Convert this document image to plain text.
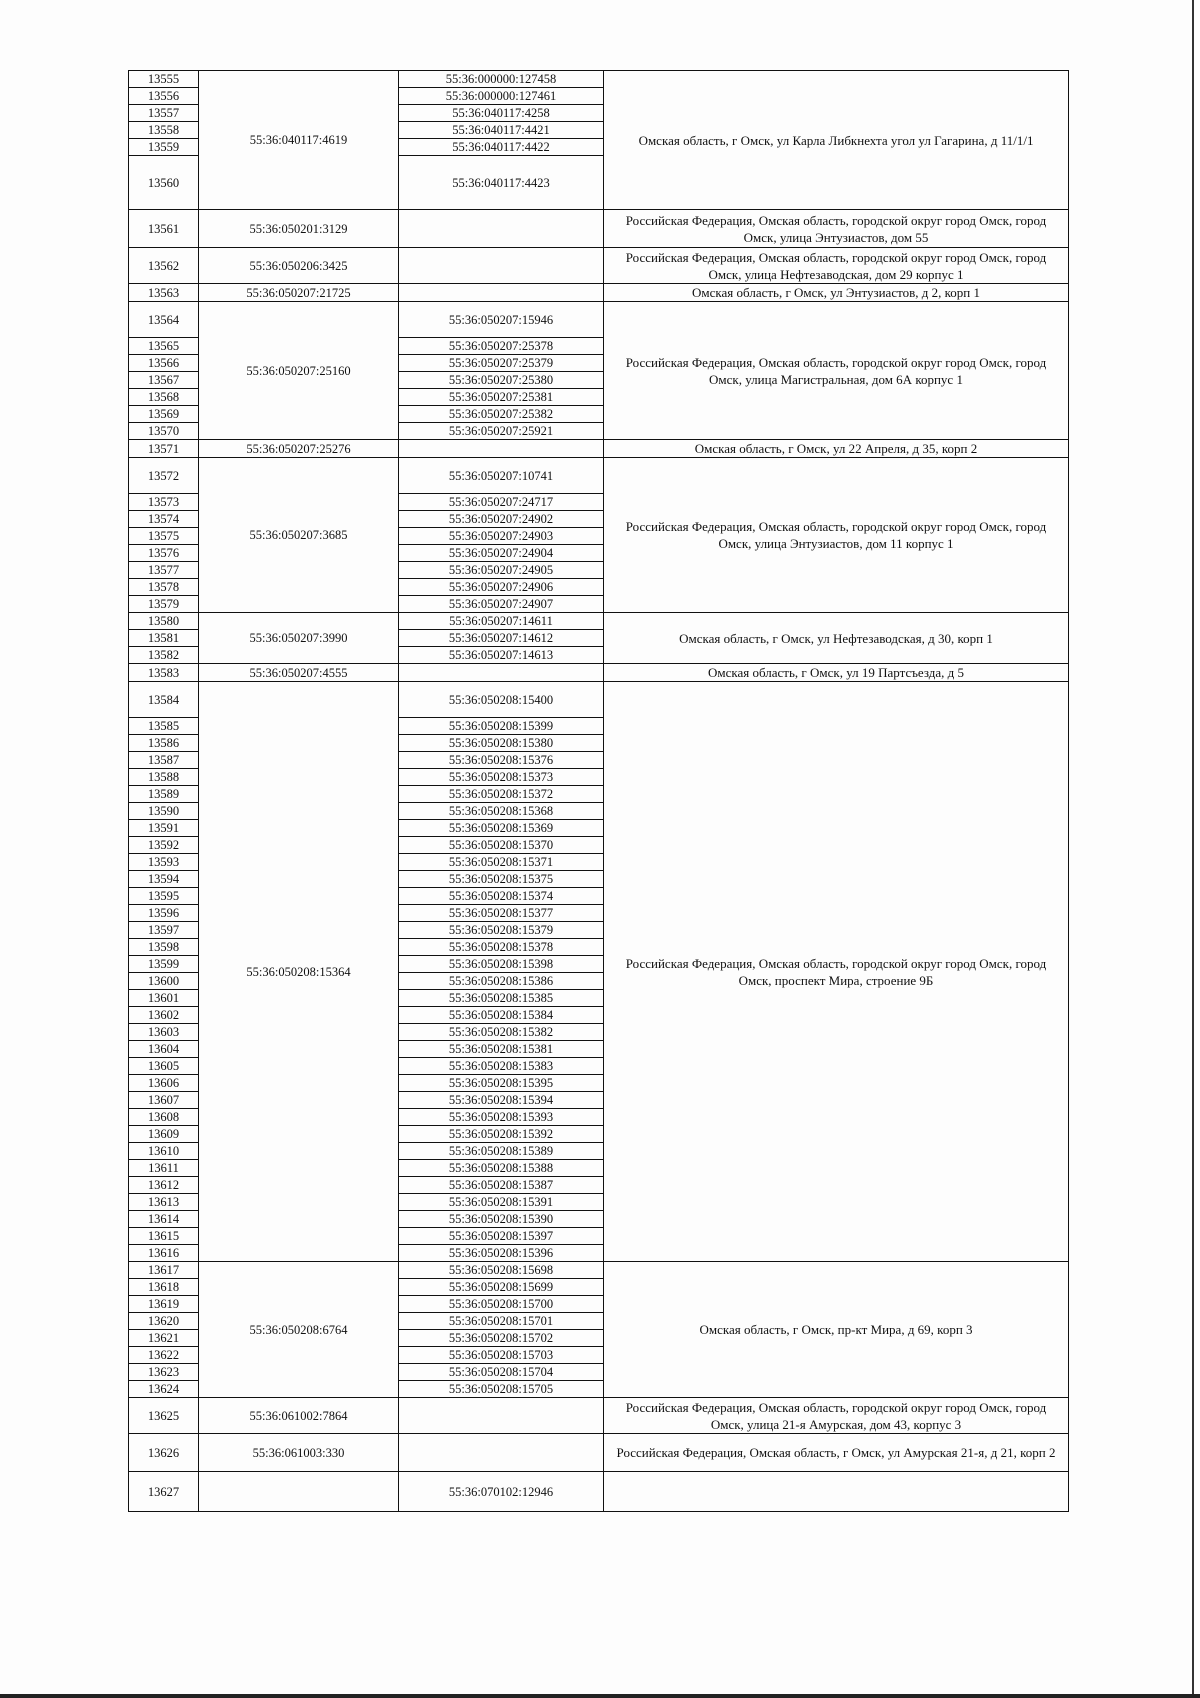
13555	55:36:040117:4619	55:36:000000:127458	Омская область, г Омск, ул Карла Либкнехта угол ул Гагарина, д 11/1/1
13556		55:36:000000:127461	
13557		55:36:040117:4258	
13558		55:36:040117:4421	
13559		55:36:040117:4422	
13560		55:36:040117:4423	
13561	55:36:050201:3129		Российская Федерация, Омская область, городской округ город Омск, город Омск, улица Энтузиастов, дом 55
13562	55:36:050206:3425		Российская Федерация, Омская область, городской округ город Омск, город Омск, улица Нефтезаводская, дом 29 корпус 1
13563	55:36:050207:21725		Омская область, г Омск, ул Энтузиастов, д 2, корп 1
13564	55:36:050207:25160	55:36:050207:15946	Российская Федерация, Омская область, городской округ город Омск, город Омск, улица Магистральная, дом 6А корпус 1
13565		55:36:050207:25378	
13566		55:36:050207:25379	
13567		55:36:050207:25380	
13568		55:36:050207:25381	
13569		55:36:050207:25382	
13570		55:36:050207:25921	
13571	55:36:050207:25276		Омская область, г Омск, ул 22 Апреля, д 35, корп 2
13572	55:36:050207:3685	55:36:050207:10741	Российская Федерация, Омская область, городской округ город Омск, город Омск, улица Энтузиастов, дом 11 корпус 1
13573		55:36:050207:24717	
13574		55:36:050207:24902	
13575		55:36:050207:24903	
13576		55:36:050207:24904	
13577		55:36:050207:24905	
13578		55:36:050207:24906	
13579		55:36:050207:24907	
13580	55:36:050207:3990	55:36:050207:14611	Омская область, г Омск, ул Нефтезаводская, д 30, корп 1
13581		55:36:050207:14612	
13582		55:36:050207:14613	
13583	55:36:050207:4555		Омская область, г Омск, ул 19 Партсъезда, д 5
13584	55:36:050208:15364	55:36:050208:15400	Российская Федерация, Омская область, городской округ город Омск, город Омск, проспект Мира, строение 9Б
13585		55:36:050208:15399	
13586		55:36:050208:15380	
13587		55:36:050208:15376	
13588		55:36:050208:15373	
13589		55:36:050208:15372	
13590		55:36:050208:15368	
13591		55:36:050208:15369	
13592		55:36:050208:15370	
13593		55:36:050208:15371	
13594		55:36:050208:15375	
13595		55:36:050208:15374	
13596		55:36:050208:15377	
13597		55:36:050208:15379	
13598		55:36:050208:15378	
13599		55:36:050208:15398	
13600		55:36:050208:15386	
13601		55:36:050208:15385	
13602		55:36:050208:15384	
13603		55:36:050208:15382	
13604		55:36:050208:15381	
13605		55:36:050208:15383	
13606		55:36:050208:15395	
13607		55:36:050208:15394	
13608		55:36:050208:15393	
13609		55:36:050208:15392	
13610		55:36:050208:15389	
13611		55:36:050208:15388	
13612		55:36:050208:15387	
13613		55:36:050208:15391	
13614		55:36:050208:15390	
13615		55:36:050208:15397	
13616		55:36:050208:15396	
13617	55:36:050208:6764	55:36:050208:15698	Омская область, г Омск, пр-кт Мира, д 69, корп 3
13618		55:36:050208:15699	
13619		55:36:050208:15700	
13620		55:36:050208:15701	
13621		55:36:050208:15702	
13622		55:36:050208:15703	
13623		55:36:050208:15704	
13624		55:36:050208:15705	
13625	55:36:061002:7864		Российская Федерация, Омская область, городской округ город Омск, город Омск, улица 21-я Амурская, дом 43, корпус 3
13626	55:36:061003:330		Российская Федерация, Омская область, г Омск, ул Амурская 21-я, д 21, корп 2
13627		55:36:070102:12946	
